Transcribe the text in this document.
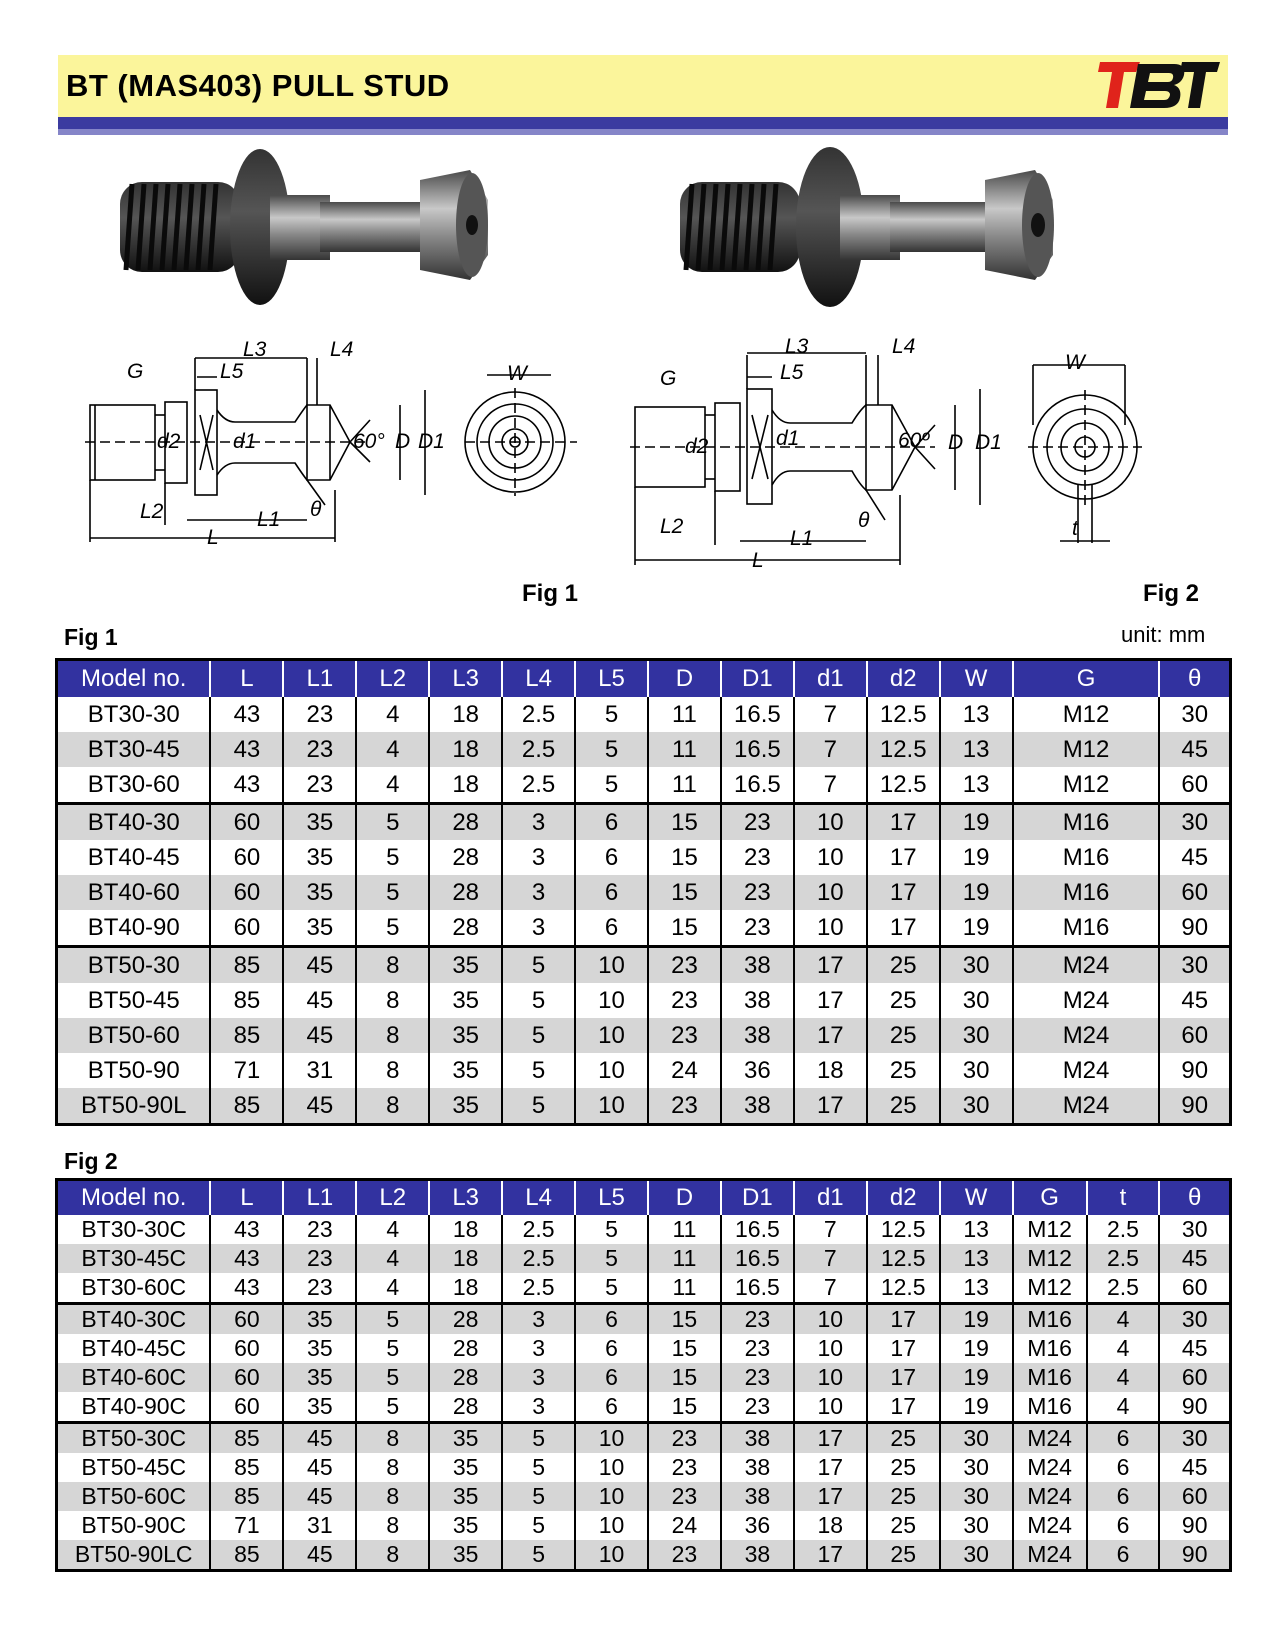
BT (MAS403) PULL STUD
L3	L4
L5
G
d2	d1	60° D D1
L2	L1 θ
L
W
Fig 1
L3	L4
L5
G
d2	d1	60º D D1
L2
L1
θ
L
W
t
Fig 2
Fig 1	unit: mm
Model no.	L	L1	L2	L3	L4	L5	D	D1	d1	d2	W	G	θ
BT30-30	43	23	4	18	2.5	5	11	16.5	7	12.5	13	M12	30
BT30-45	43	23	4	18	2.5	5	11	16.5	7	12.5	13	M12	45
BT30-60	43	23	4	18	2.5	5	11	16.5	7	12.5	13	M12	60
BT40-30	60	35	5	28	3	6	15	23	10	17	19	M16	30
BT40-45	60	35	5	28	3	6	15	23	10	17	19	M16	45
BT40-60	60	35	5	28	3	6	15	23	10	17	19	M16	60
BT40-90	60	35	5	28	3	6	15	23	10	17	19	M16	90
BT50-30	85	45	8	35	5	10	23	38	17	25	30	M24	30
BT50-45	85	45	8	35	5	10	23	38	17	25	30	M24	45
BT50-60	85	45	8	35	5	10	23	38	17	25	30	M24	60
BT50-90	71	31	8	35	5	10	24	36	18	25	30	M24	90
BT50-90L	85	45	8	35	5	10	23	38	17	25	30	M24	90
Fig 2
Model no.	L	L1	L2	L3	L4	L5	D	D1	d1	d2	W	G	t	θ
BT30-30C	43	23	4	18	2.5	5	11	16.5	7	12.5	13	M12	2.5	30
BT30-45C	43	23	4	18	2.5	5	11	16.5	7	12.5	13	M12	2.5	45
BT30-60C	43	23	4	18	2.5	5	11	16.5	7	12.5	13	M12	2.5	60
BT40-30C	60	35	5	28	3	6	15	23	10	17	19	M16	4	30
BT40-45C	60	35	5	28	3	6	15	23	10	17	19	M16	4	45
BT40-60C	60	35	5	28	3	6	15	23	10	17	19	M16	4	60
BT40-90C	60	35	5	28	3	6	15	23	10	17	19	M16	4	90
BT50-30C	85	45	8	35	5	10	23	38	17	25	30	M24	6	30
BT50-45C	85	45	8	35	5	10	23	38	17	25	30	M24	6	45
BT50-60C	85	45	8	35	5	10	23	38	17	25	30	M24	6	60
BT50-90C	71	31	8	35	5	10	24	36	18	25	30	M24	6	90
BT50-90LC	85	45	8	35	5	10	23	38	17	25	30	M24	6	90
